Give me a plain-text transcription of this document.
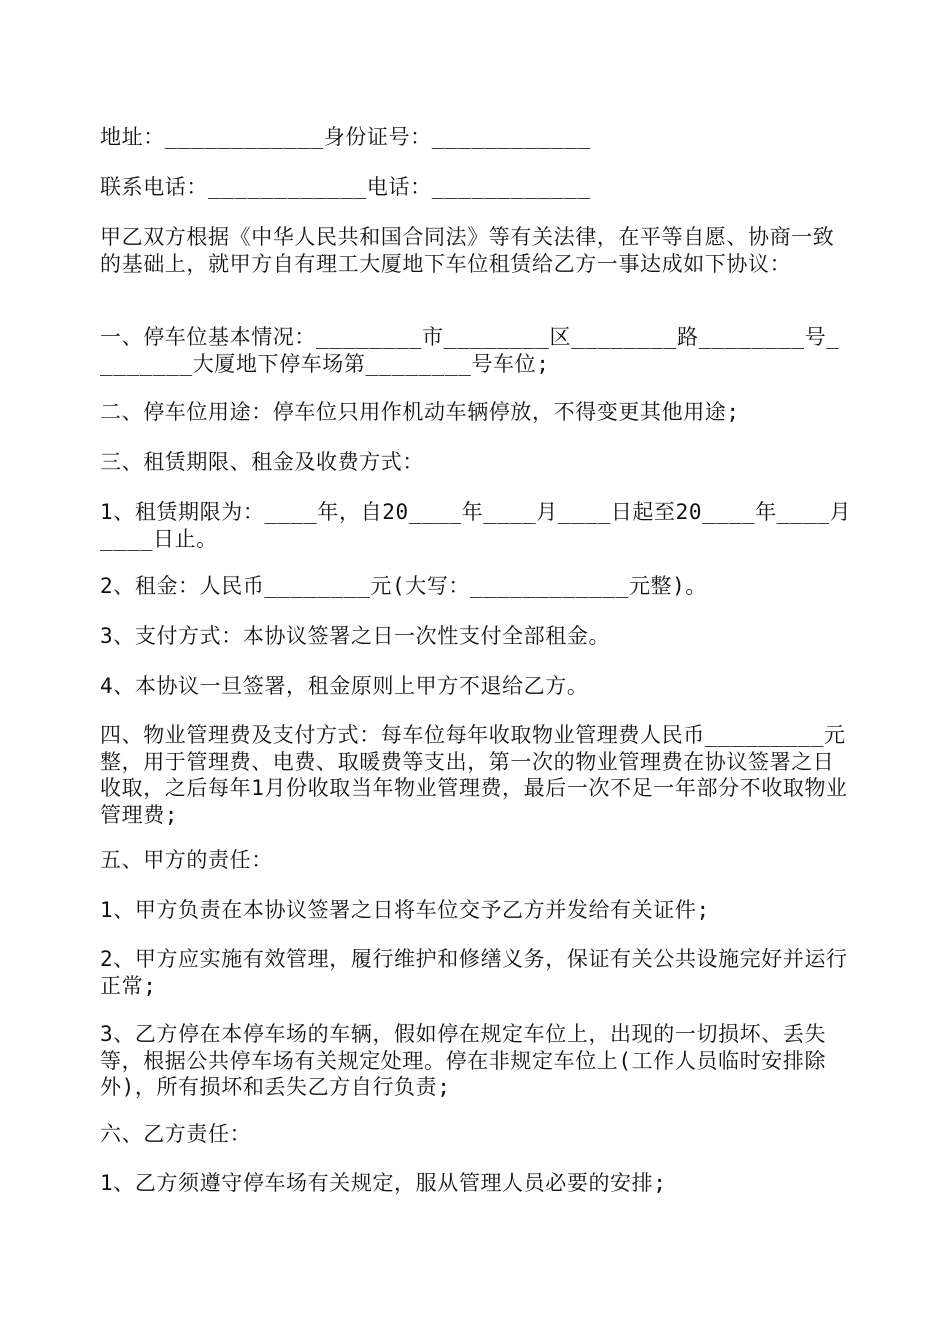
地址：____________身份证号：____________

联系电话：____________电话：____________

甲乙双方根据《中华人民共和国合同法》等有关法律，在平等自愿、协商一致的基础上，就甲方自有理工大厦地下车位租赁给乙方一事达成如下协议：

一、停车位基本情况：________市________区________路________号________大厦地下停车场第________号车位;

二、停车位用途：停车位只用作机动车辆停放，不得变更其他用途;

三、租赁期限、租金及收费方式：

1、租赁期限为：____年，自20____年____月____日起至20____年____月____日止。

2、租金：人民币________元(大写：____________元整)。

3、支付方式：本协议签署之日一次性支付全部租金。

4、本协议一旦签署，租金原则上甲方不退给乙方。

四、物业管理费及支付方式：每车位每年收取物业管理费人民币_________元整，用于管理费、电费、取暖费等支出，第一次的物业管理费在协议签署之日收取，之后每年1月份收取当年物业管理费，最后一次不足一年部分不收取物业管理费;

五、甲方的责任：

1、甲方负责在本协议签署之日将车位交予乙方并发给有关证件;

2、甲方应实施有效管理，履行维护和修缮义务，保证有关公共设施完好并运行正常;

3、乙方停在本停车场的车辆，假如停在规定车位上，出现的一切损坏、丢失等，根据公共停车场有关规定处理。停在非规定车位上(工作人员临时安排除外)，所有损坏和丢失乙方自行负责;

六、乙方责任：

1、乙方须遵守停车场有关规定，服从管理人员必要的安排;
